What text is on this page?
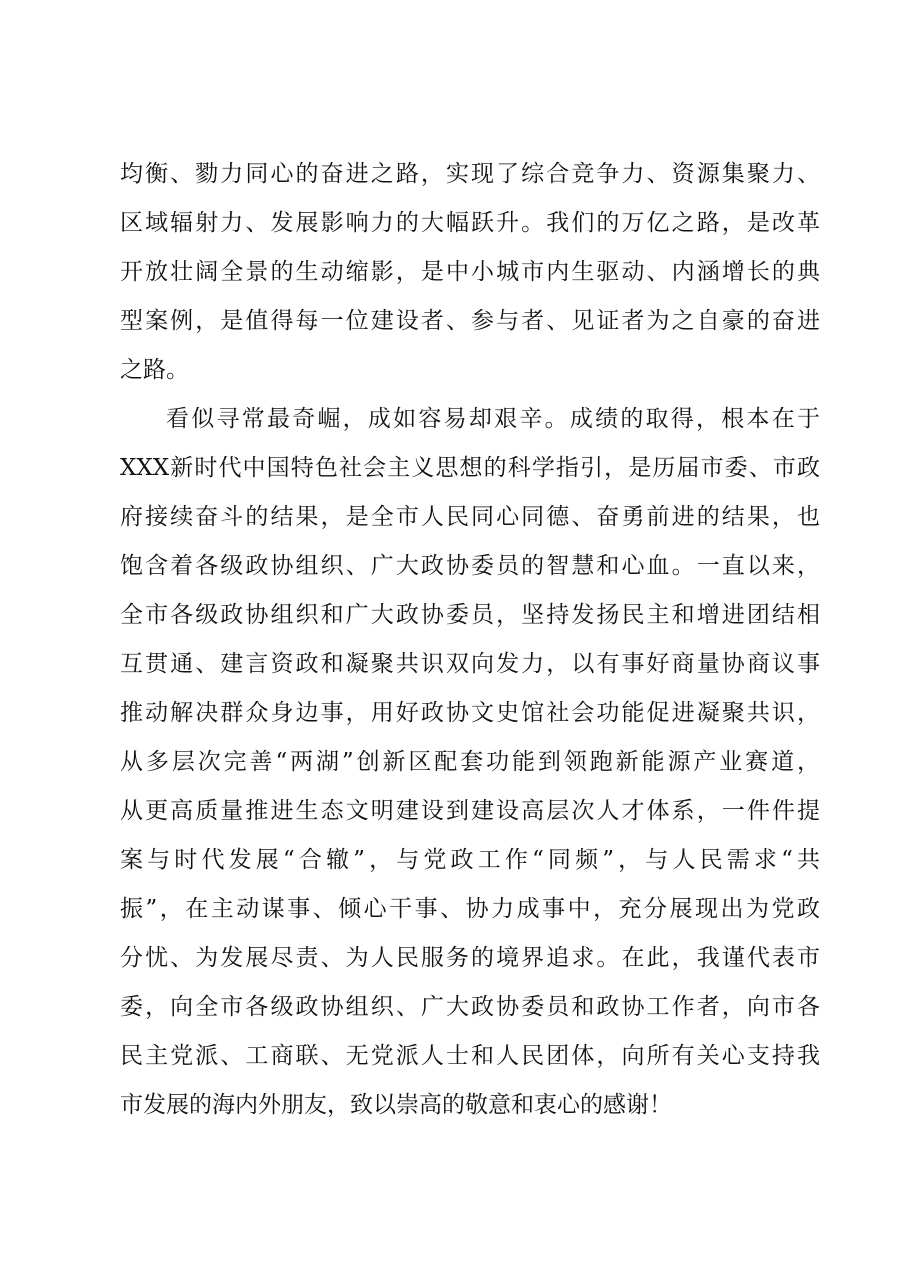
均衡、勠力同心的奋进之路，实现了综合竞争力、资源集聚力、
区域辐射力、发展影响力的大幅跃升。我们的万亿之路，是改革
开放壮阔全景的生动缩影，是中小城市内生驱动、内涵增长的典
型案例，是值得每一位建设者、参与者、见证者为之自豪的奋进
之路。
看似寻常最奇崛，成如容易却艰辛。成绩的取得，根本在于
XXX新时代中国特色社会主义思想的科学指引，是历届市委、市政
府接续奋斗的结果，是全市人民同心同德、奋勇前进的结果，也
饱含着各级政协组织、广大政协委员的智慧和心血。一直以来，
全市各级政协组织和广大政协委员，坚持发扬民主和增进团结相
互贯通、建言资政和凝聚共识双向发力，以有事好商量协商议事
推动解决群众身边事，用好政协文史馆社会功能促进凝聚共识，
从多层次完善“两湖”创新区配套功能到领跑新能源产业赛道，
从更高质量推进生态文明建设到建设高层次人才体系，一件件提
案与时代发展“合辙”，与党政工作“同频”，与人民需求“共
振”，在主动谋事、倾心干事、协力成事中，充分展现出为党政
分忧、为发展尽责、为人民服务的境界追求。在此，我谨代表市
委，向全市各级政协组织、广大政协委员和政协工作者，向市各
民主党派、工商联、无党派人士和人民团体，向所有关心支持我
市发展的海内外朋友，致以崇高的敬意和衷心的感谢！
